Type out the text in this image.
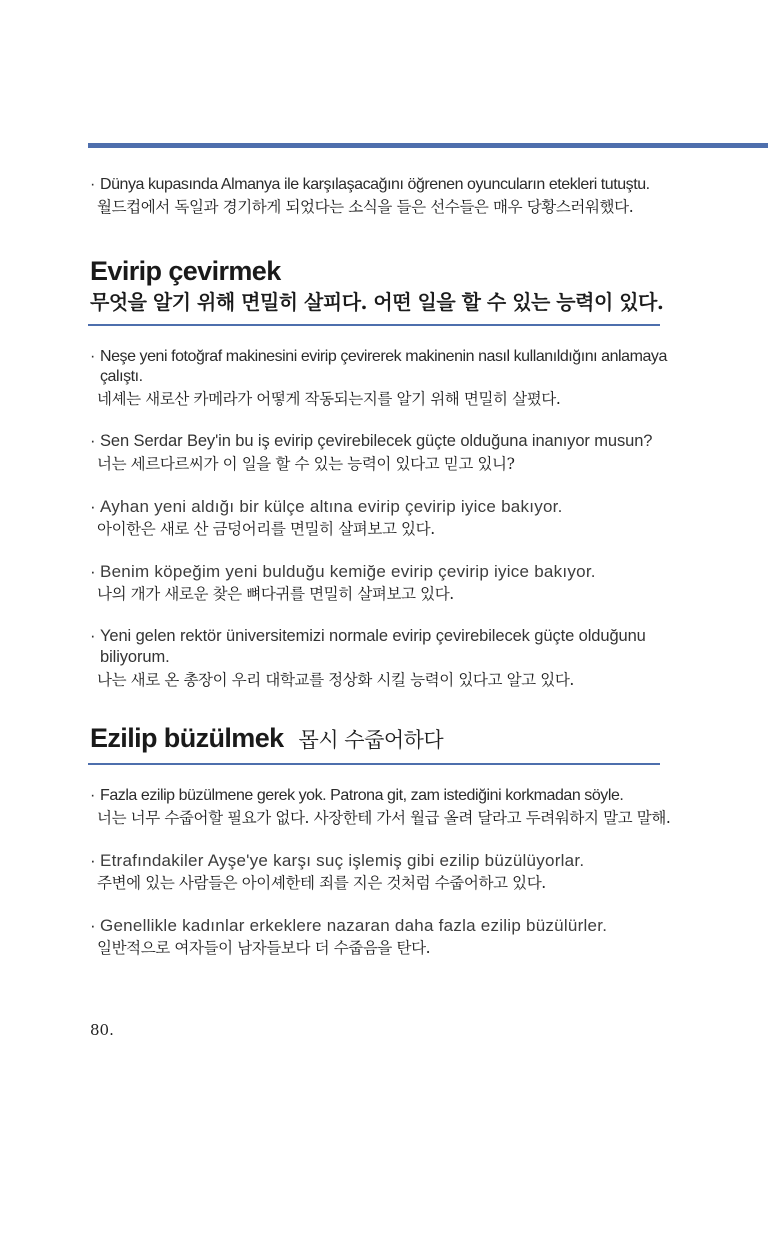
· Dünya kupasında Almanya ile karşılaşacağını öğrenen oyuncuların etekleri tutuştu.
월드컵에서 독일과 경기하게 되었다는 소식을 들은 선수들은 매우 당황스러워했다.
Evirip çevirmek
무엇을 알기 위해 면밀히 살피다. 어떤 일을 할 수 있는 능력이 있다.
· Neşe yeni fotoğraf makinesini evirip çevirerek makinenin nasıl kullanıldığını anlamaya çalıştı.
네셰는 새로산 카메라가 어떻게 작동되는지를 알기 위해 면밀히 살폈다.
· Sen Serdar Bey'in bu iş evirip çevirebilecek güçte olduğuna inanıyor musun?
너는 세르다르씨가 이 일을 할 수 있는 능력이 있다고 믿고 있니?
· Ayhan yeni aldığı bir külçe altına evirip çevirip iyice bakıyor.
아이한은 새로 산 금덩어리를 면밀히 살펴보고 있다.
· Benim köpeğim yeni bulduğu kemiğe evirip çevirip iyice bakıyor.
나의 개가 새로운 찾은 뼈다귀를 면밀히 살펴보고 있다.
· Yeni gelen rektör üniversitemizi normale evirip çevirebilecek güçte olduğunu biliyorum.
나는 새로 온 총장이 우리 대학교를 정상화 시킬 능력이 있다고 알고 있다.
Ezilip büzülmek 몹시 수줍어하다
· Fazla ezilip büzülmene gerek yok. Patrona git, zam istediğini korkmadan söyle.
너는 너무 수줍어할 필요가 없다. 사장한테 가서 월급 올려 달라고 두려워하지 말고 말해.
· Etrafındakiler Ayşe'ye karşı suç işlemiş gibi ezilip büzülüyorlar.
주변에 있는 사람들은 아이셰한테 죄를 지은 것처럼 수줍어하고 있다.
· Genellikle kadınlar erkeklere nazaran daha fazla ezilip büzülürler.
일반적으로 여자들이 남자들보다 더 수줍음을 탄다.
80.
